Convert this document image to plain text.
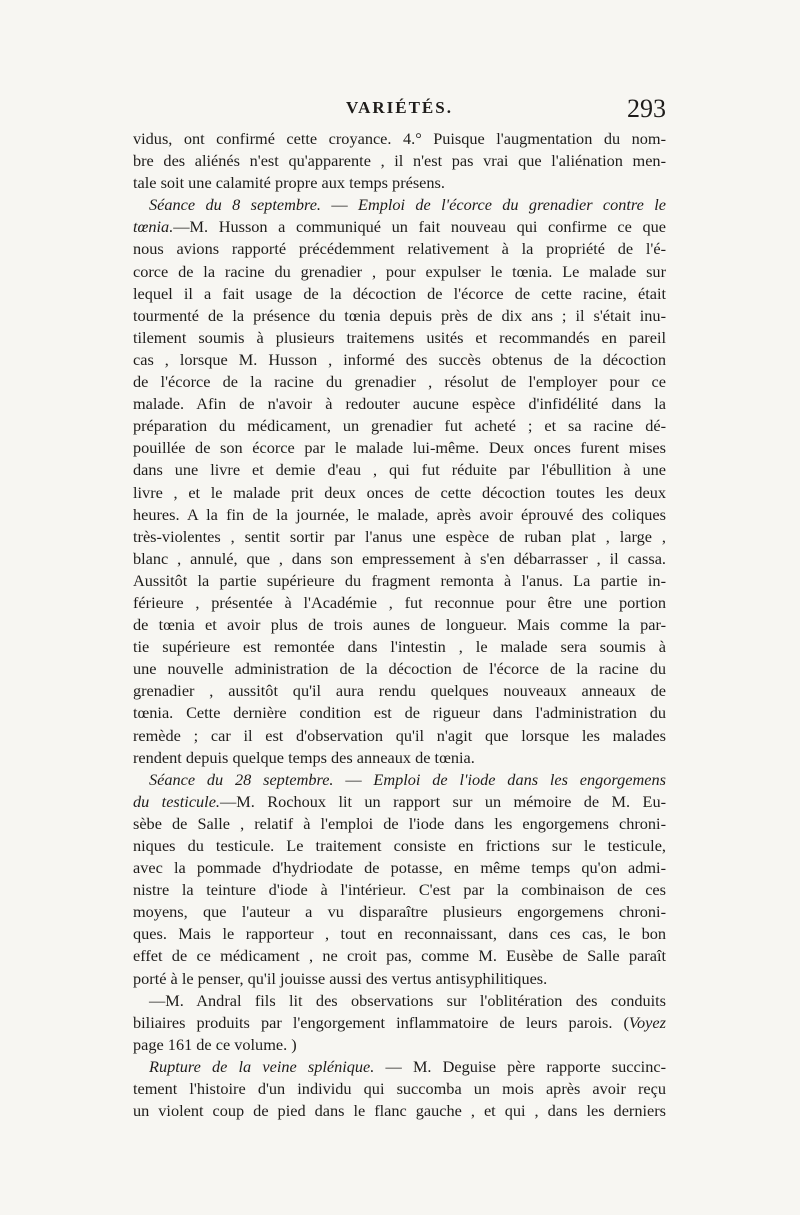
VARIÉTÉS.	293
vidus, ont confirmé cette croyance. 4.° Puisque l'augmentation du nom-
bre des aliénés n'est qu'apparente , il n'est pas vrai que l'aliénation men-
tale soit une calamité propre aux temps présens.
Séance du 8 septembre. — Emploi de l'écorce du grenadier contre le
tœnia.—M. Husson a communiqué un fait nouveau qui confirme ce que
nous avions rapporté précédemment relativement à la propriété de l'é-
corce de la racine du grenadier , pour expulser le tœnia. Le malade sur
lequel il a fait usage de la décoction de l'écorce de cette racine, était
tourmenté de la présence du tœnia depuis près de dix ans ; il s'était inu-
tilement soumis à plusieurs traitemens usités et recommandés en pareil
cas , lorsque M. Husson , informé des succès obtenus de la décoction
de l'écorce de la racine du grenadier , résolut de l'employer pour ce
malade. Afin de n'avoir à redouter aucune espèce d'infidélité dans la
préparation du médicament, un grenadier fut acheté ; et sa racine dé-
pouillée de son écorce par le malade lui-même. Deux onces furent mises
dans une livre et demie d'eau , qui fut réduite par l'ébullition à une
livre , et le malade prit deux onces de cette décoction toutes les deux
heures. A la fin de la journée, le malade, après avoir éprouvé des coliques
très-violentes , sentit sortir par l'anus une espèce de ruban plat , large ,
blanc , annulé, que , dans son empressement à s'en débarrasser , il cassa.
Aussitôt la partie supérieure du fragment remonta à l'anus. La partie in-
férieure , présentée à l'Académie , fut reconnue pour être une portion
de tœnia et avoir plus de trois aunes de longueur. Mais comme la par-
tie supérieure est remontée dans l'intestin , le malade sera soumis à
une nouvelle administration de la décoction de l'écorce de la racine du
grenadier , aussitôt qu'il aura rendu quelques nouveaux anneaux de
tœnia. Cette dernière condition est de rigueur dans l'administration du
remède ; car il est d'observation qu'il n'agit que lorsque les malades
rendent depuis quelque temps des anneaux de tœnia.
Séance du 28 septembre. — Emploi de l'iode dans les engorgemens
du testicule.—M. Rochoux lit un rapport sur un mémoire de M. Eu-
sèbe de Salle , relatif à l'emploi de l'iode dans les engorgemens chroni-
niques du testicule. Le traitement consiste en frictions sur le testicule,
avec la pommade d'hydriodate de potasse, en même temps qu'on admi-
nistre la teinture d'iode à l'intérieur. C'est par la combinaison de ces
moyens, que l'auteur a vu disparaître plusieurs engorgemens chroni-
ques. Mais le rapporteur , tout en reconnaissant, dans ces cas, le bon
effet de ce médicament , ne croit pas, comme M. Eusèbe de Salle paraît
porté à le penser, qu'il jouisse aussi des vertus antisyphilitiques.
—M. Andral fils lit des observations sur l'oblitération des conduits
biliaires produits par l'engorgement inflammatoire de leurs parois. (Voyez
page 161 de ce volume. )
Rupture de la veine splénique. — M. Deguise père rapporte succinc-
tement l'histoire d'un individu qui succomba un mois après avoir reçu
un violent coup de pied dans le flanc gauche , et qui , dans les derniers
